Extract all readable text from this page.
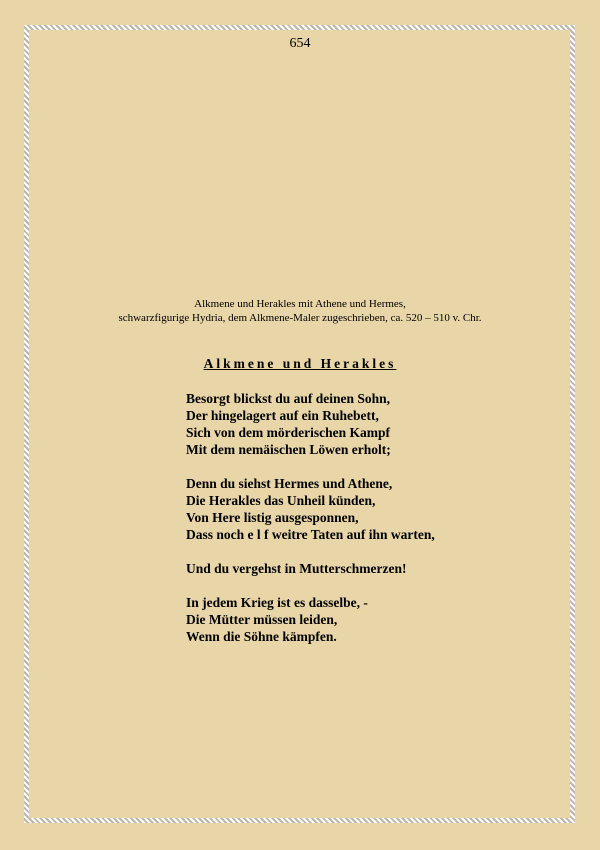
654
Alkmene und Herakles mit Athene und Hermes,
schwarzfigurige Hydria, dem Alkmene-Maler zugeschrieben, ca. 520 – 510 v. Chr.
Alkmene und Herakles
Besorgt blickst du auf deinen Sohn,
Der hingelagert auf ein Ruhebett,
Sich von dem mörderischen Kampf
Mit dem nemäischen Löwen erholt;
Denn du siehst Hermes und Athene,
Die Herakles das Unheil künden,
Von Here listig ausgesponnen,
Dass noch e l f weitre Taten auf ihn warten,
Und du vergehst in Mutterschmerzen!
In jedem Krieg ist es dasselbe, -
Die Mütter müssen leiden,
Wenn die Söhne kämpfen.
